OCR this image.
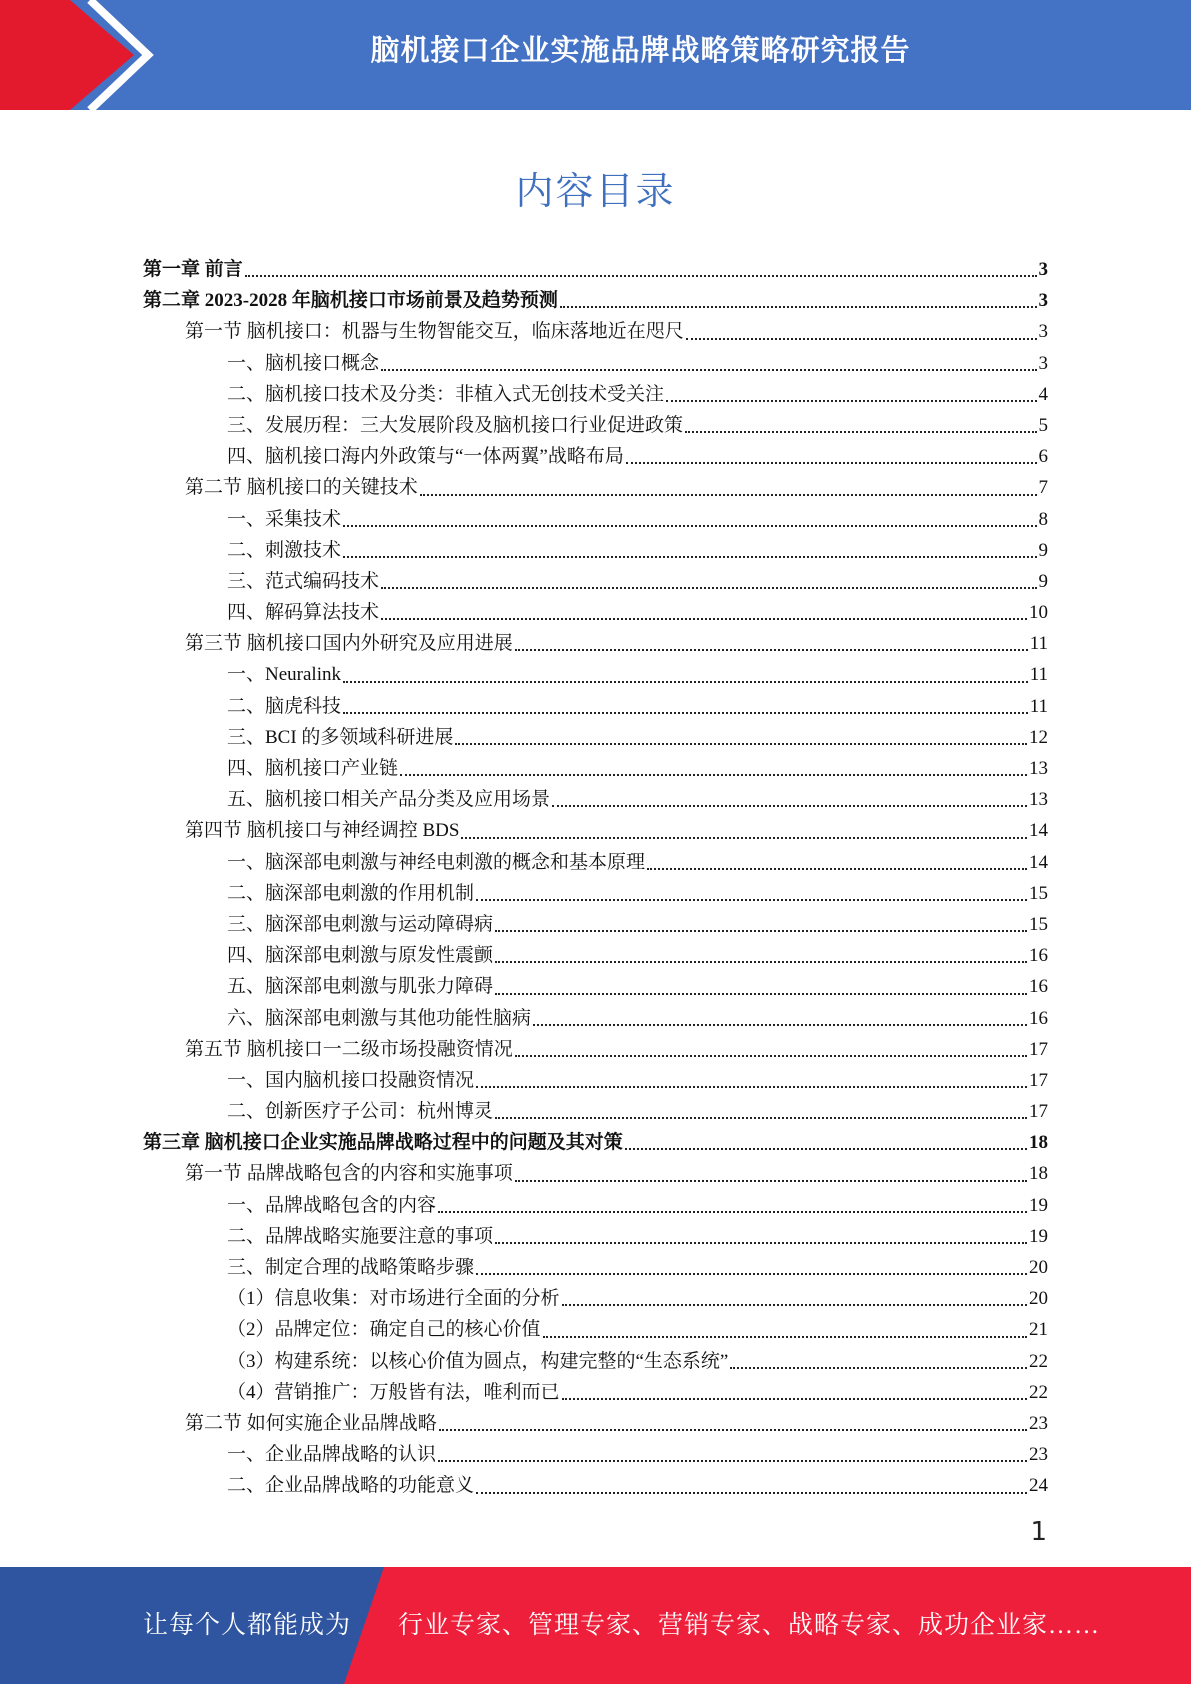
脑机接口企业实施品牌战略策略研究报告
内容目录
第一章 前言	3
第二章 2023-2028 年脑机接口市场前景及趋势预测	3
第一节 脑机接口：机器与生物智能交互，临床落地近在咫尺	3
一、脑机接口概念	3
二、脑机接口技术及分类：非植入式无创技术受关注	4
三、发展历程：三大发展阶段及脑机接口行业促进政策	5
四、脑机接口海内外政策与“一体两翼”战略布局	6
第二节 脑机接口的关键技术	7
一、采集技术	8
二、刺激技术	9
三、范式编码技术	9
四、解码算法技术	10
第三节 脑机接口国内外研究及应用进展	11
一、Neuralink	11
二、脑虎科技	11
三、BCI 的多领域科研进展	12
四、脑机接口产业链	13
五、脑机接口相关产品分类及应用场景	13
第四节 脑机接口与神经调控 BDS	14
一、脑深部电刺激与神经电刺激的概念和基本原理	14
二、脑深部电刺激的作用机制	15
三、脑深部电刺激与运动障碍病	15
四、脑深部电刺激与原发性震颤	16
五、脑深部电刺激与肌张力障碍	16
六、脑深部电刺激与其他功能性脑病	16
第五节 脑机接口一二级市场投融资情况	17
一、国内脑机接口投融资情况	17
二、创新医疗子公司：杭州博灵	17
第三章 脑机接口企业实施品牌战略过程中的问题及其对策	18
第一节 品牌战略包含的内容和实施事项	18
一、品牌战略包含的内容	19
二、品牌战略实施要注意的事项	19
三、制定合理的战略策略步骤	20
（1）信息收集：对市场进行全面的分析	20
（2）品牌定位：确定自己的核心价值	21
（3）构建系统：以核心价值为圆点，构建完整的“生态系统”	22
（4）营销推广：万般皆有法，唯利而已	22
第二节 如何实施企业品牌战略	23
一、企业品牌战略的认识	23
二、企业品牌战略的功能意义	24
1
让每个人都能成为 行业专家、管理专家、营销专家、战略专家、成功企业家……
